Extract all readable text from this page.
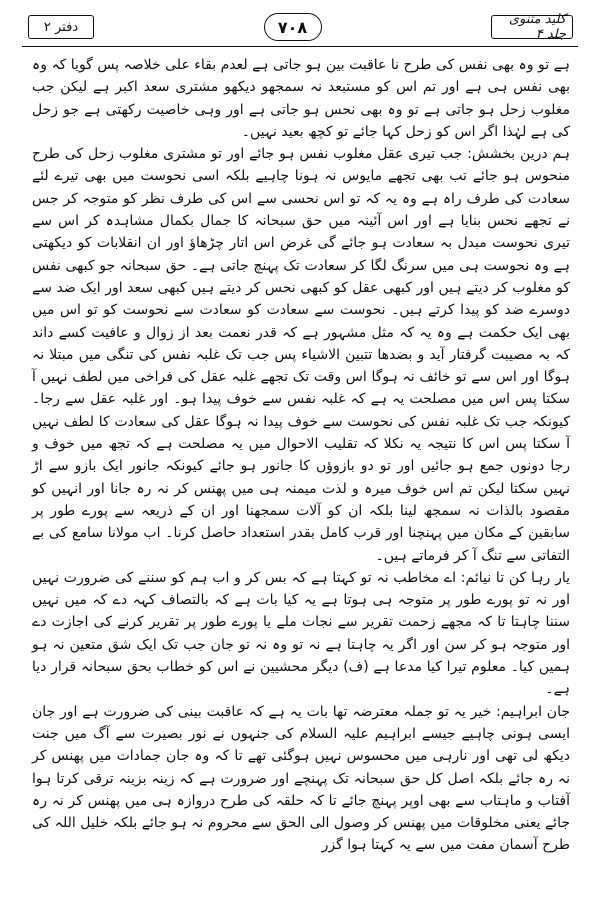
دفتر ۲	۷۰۸	کلید مثنوی جلد ۴

ہے تو وہ بھی نفس کی طرح نا عاقبت بین ہو جاتی ہے لعدم بقاء علی خلاصہ پس گویا کہ وہ بھی نفس ہی ہے اور تم اس کو مستبعد نہ سمجھو دیکھو مشتری سعد اکبر ہے لیکن جب مغلوب زحل ہو جاتی ہے تو وہ بھی نحس ہو جاتی ہے اور وہی خاصیت رکھتی ہے جو زحل کی ہے لہٰذا اگر اس کو زحل کہا جائے تو کچھ بعید نہیں۔

ہم درین بخشش: جب تیری عقل مغلوب نفس ہو جائے اور تو مشتری مغلوب زحل کی طرح منحوس ہو جائے تب بھی تجھے مایوس نہ ہونا چاہیے بلکہ اسی نحوست میں بھی تیرے لئے سعادت کی طرف راہ ہے وہ یہ کہ تو اس نحسی سے اس کی طرف نظر کو متوجہ کر جس نے تجھے نحس بنایا ہے اور اس آئینہ میں حق سبحانہ کا جمال بکمال مشاہدہ کر اس سے تیری نحوست مبدل بہ سعادت ہو جائے گی غرض اس اتار چڑھاؤ اور ان انقلابات کو دیکھتی ہے وہ نحوست ہی میں سرنگ لگا کر سعادت تک پہنچ جاتی ہے۔ حق سبحانہ جو کبھی نفس کو مغلوب کر دیتے ہیں اور کبھی عقل کو کبھی نحس کر دیتے ہیں کبھی سعد اور ایک ضد سے دوسرے ضد کو پیدا کرتے ہیں۔ نحوست سے سعادت کو سعادت سے نحوست کو تو اس میں بھی ایک حکمت ہے وہ یہ کہ مثل مشہور ہے کہ قدر نعمت بعد از زوال و عافیت کسے داند کہ بہ مصیبت گرفتار آید و بضدھا تتبین الاشیاء پس جب تک غلبہ نفس کی تنگی میں مبتلا نہ ہوگا اور اس سے تو خائف نہ ہوگا اس وقت تک تجھے غلبہ عقل کی فراخی میں لطف نہیں آ سکتا پس اس میں مصلحت یہ ہے کہ غلبہ نفس سے خوف پیدا ہو۔ اور غلبہ عقل سے رجا۔ کیونکہ جب تک غلبہ نفس کی نحوست سے خوف پیدا نہ ہوگا عقل کی سعادت کا لطف نہیں آ سکتا پس اس کا نتیجہ یہ نکلا کہ تقلیب الاحوال میں یہ مصلحت ہے کہ تجھ میں خوف و رجا دونوں جمع ہو جائیں اور تو دو بازوؤں کا جانور ہو جائے کیونکہ جانور ایک بازو سے اڑ نہیں سکتا لیکن تم اس خوف میرہ و لذت میمنہ ہی میں پھنس کر نہ رہ جانا اور انہیں کو مقصود بالذات نہ سمجھ لینا بلکہ ان کو آلات سمجھنا اور ان کے ذریعہ سے پورے طور پر سابقین کے مکان میں پہنچنا اور قرب کامل بقدر استعداد حاصل کرنا۔ اب مولانا سامع کی بے التفاتی سے تنگ آ کر فرماتے ہیں۔

یار رہا کن تا نیائم: اے مخاطب نہ تو کہتا ہے کہ بس کر و اب ہم کو سننے کی ضرورت نہیں اور نہ تو پورے طور پر متوجہ ہی ہوتا ہے یہ کیا بات ہے کہ بالتصاف کہہ دے کہ میں نہیں سننا چاہتا تا کہ مجھے زحمت تقریر سے نجات ملے یا پورے طور پر تقریر کرنے کی اجازت دے اور متوجہ ہو کر سن اور اگر یہ چاہتا ہے نہ تو وہ نہ تو جان جب تک ایک شق متعین نہ ہو ہمیں کیا۔ معلوم تیرا کیا مدعا ہے (ف) دیگر محشیین نے اس کو خطاب بحق سبحانہ قرار دیا ہے۔

جان ابراہیم: خیر یہ تو جملہ معترضہ تھا بات یہ ہے کہ عاقبت بینی کی ضرورت ہے اور جان ایسی ہونی چاہیے جیسے ابراہیم علیہ السلام کی جنہوں نے نور بصیرت سے آگ میں جنت دیکھ لی تھی اور نارہی میں محسوس نہیں ہوگئی تھے تا کہ وہ جان جمادات میں پھنس کر نہ رہ جائے بلکہ اصل کل حق سبحانہ تک پہنچے اور ضرورت ہے کہ زینہ بزینہ ترقی کرتا ہوا آفتاب و ماہتاب سے بھی اوپر پہنچ جائے تا کہ حلقہ کی طرح دروازہ ہی میں پھنس کر نہ رہ جائے یعنی مخلوقات میں پھنس کر وصول الی الحق سے محروم نہ ہو جائے بلکہ خلیل اللہ کی طرح آسمان مفت میں سے یہ کہتا ہوا گزر
